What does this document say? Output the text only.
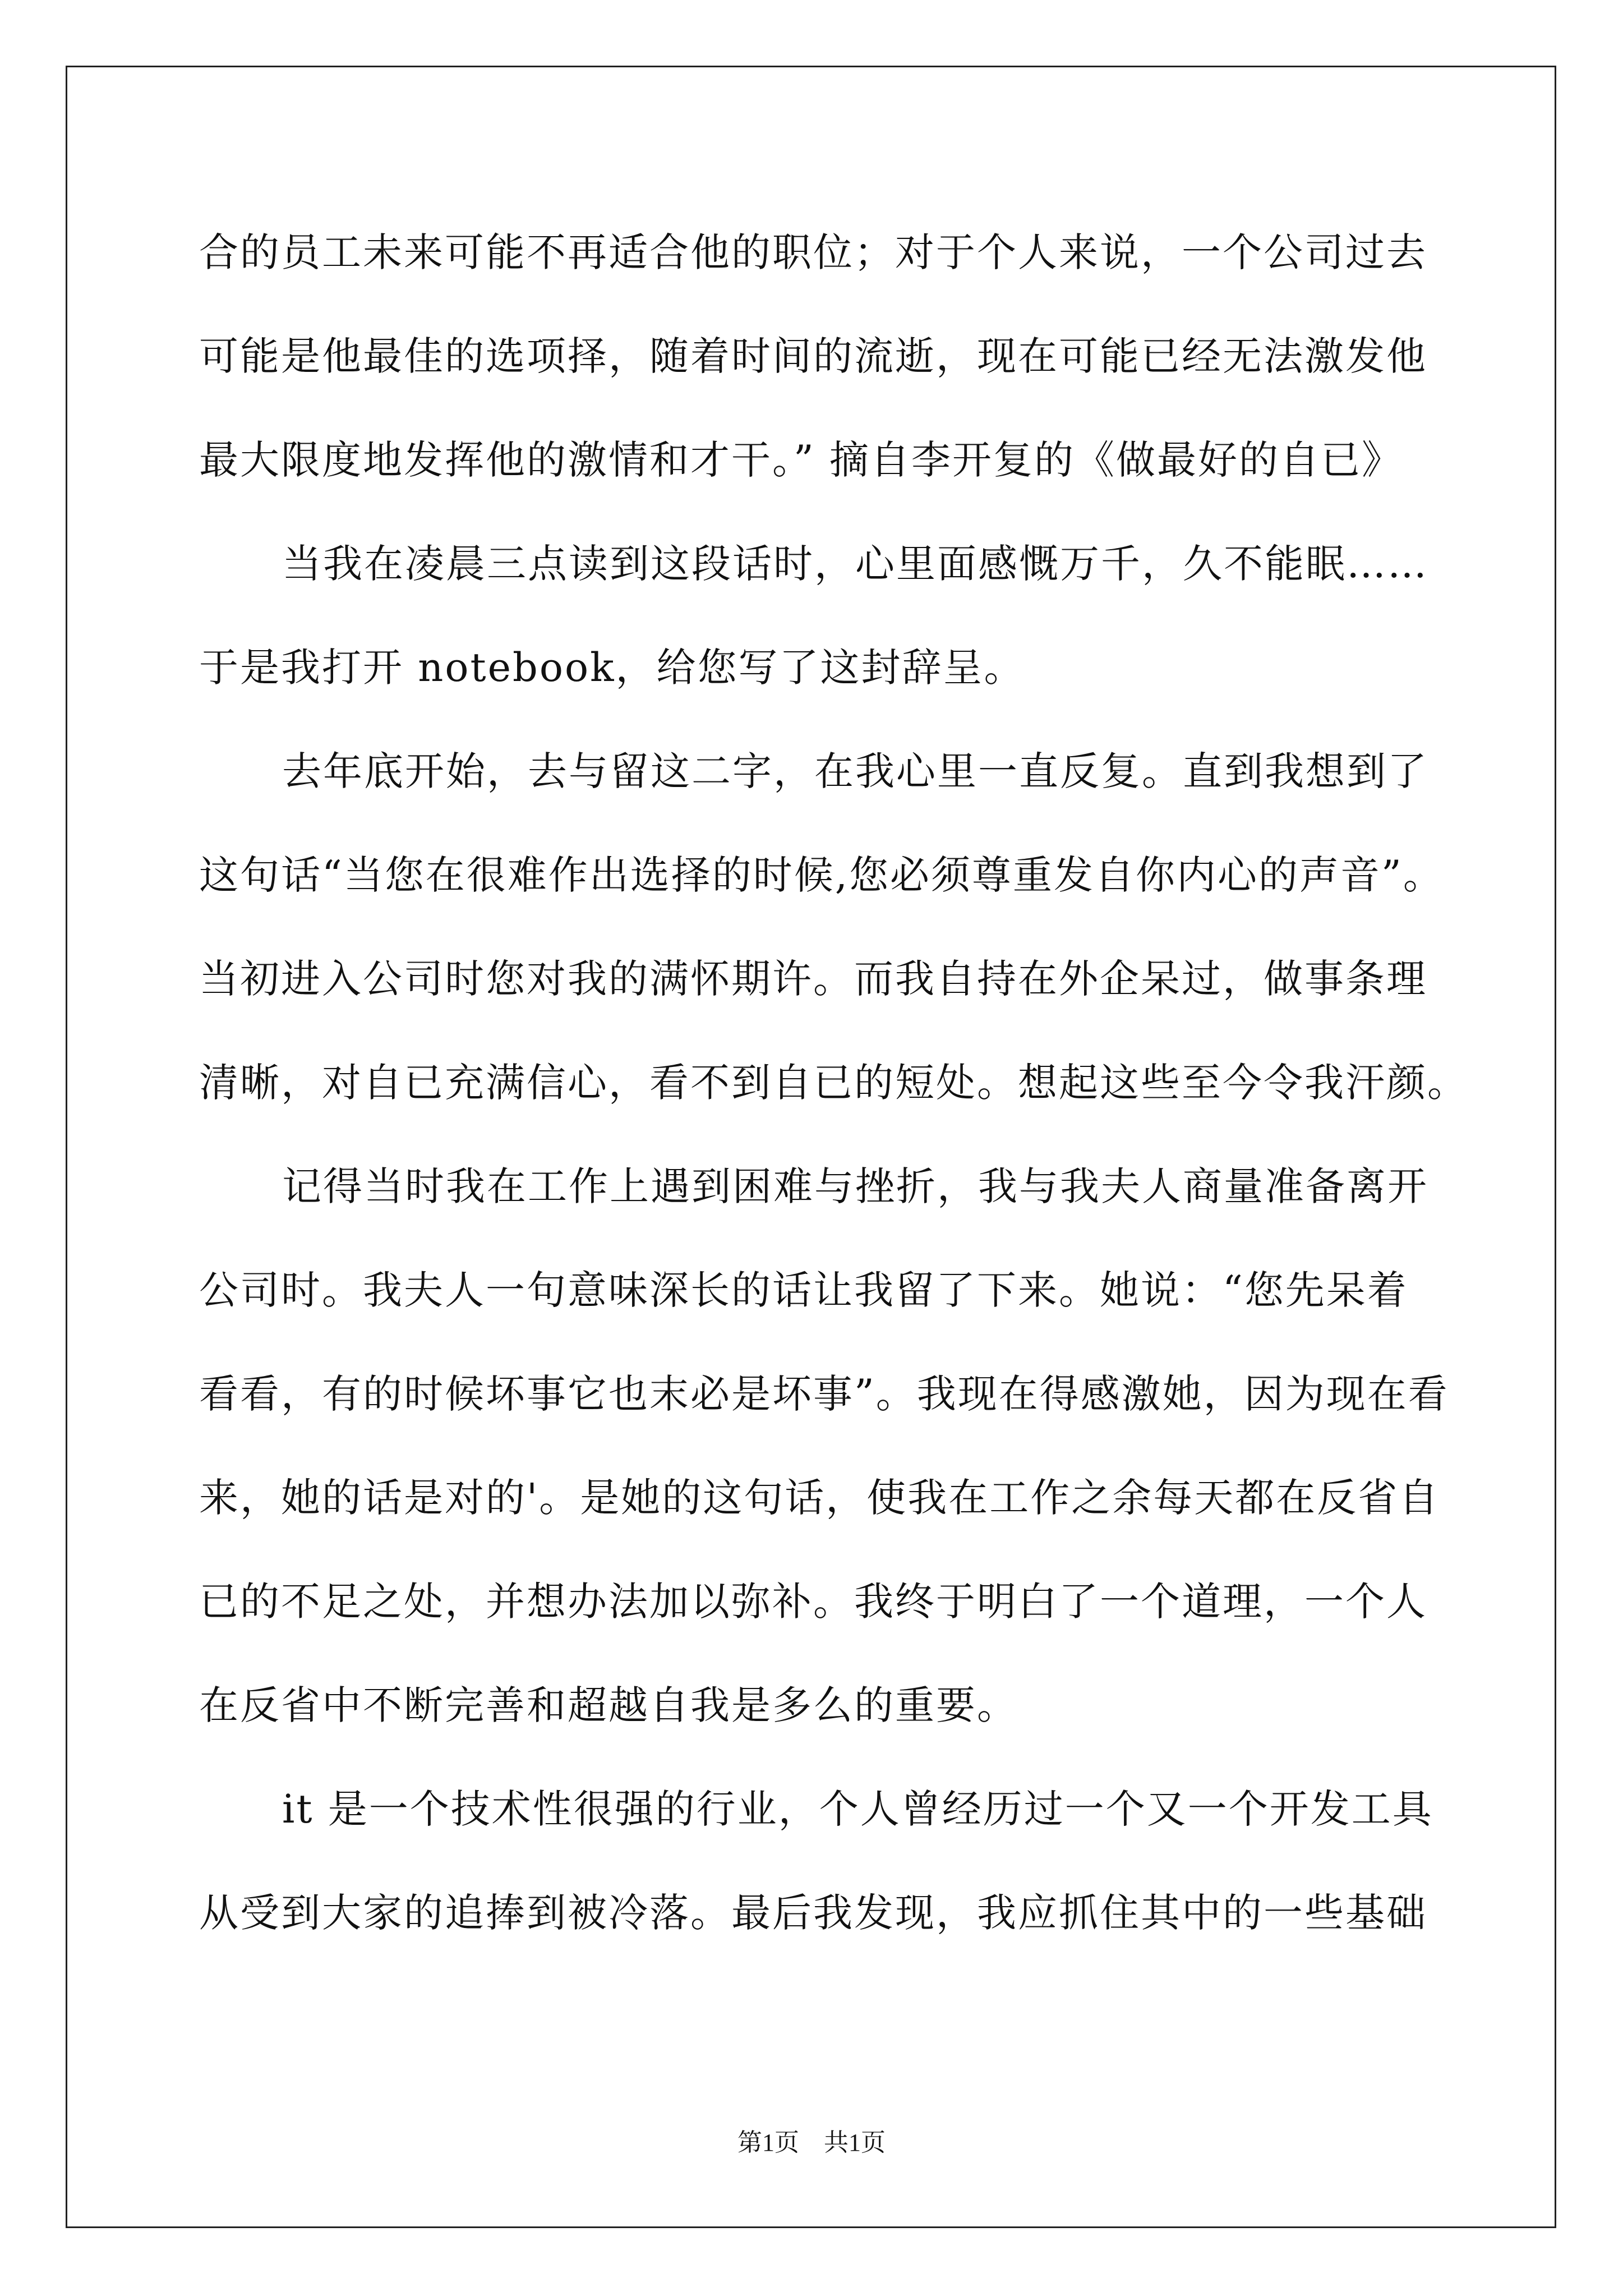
合的员工未来可能不再适合他的职位；对于个人来说，一个公司过去
可能是他最佳的选项择，随着时间的流逝，现在可能已经无法激发他
最大限度地发挥他的激情和才干。” 摘自李开复的《做最好的自已》
当我在凌晨三点读到这段话时，心里面感慨万千，久不能眠……
于是我打开 notebook，给您写了这封辞呈。
去年底开始，去与留这二字，在我心里一直反复。直到我想到了
这句话“当您在很难作出选择的时候,您必须尊重发自你内心的声音”。
当初进入公司时您对我的满怀期许。而我自持在外企呆过，做事条理
清晰，对自已充满信心，看不到自已的短处。想起这些至今令我汗颜。
记得当时我在工作上遇到困难与挫折，我与我夫人商量准备离开
公司时。我夫人一句意味深长的话让我留了下来。她说：“您先呆着
看看，有的时候坏事它也末必是坏事”。我现在得感激她，因为现在看
来，她的话是对的'。是她的这句话，使我在工作之余每天都在反省自
已的不足之处，并想办法加以弥补。我终于明白了一个道理，一个人
在反省中不断完善和超越自我是多么的重要。
it 是一个技术性很强的行业，个人曾经历过一个又一个开发工具
从受到大家的追捧到被冷落。最后我发现，我应抓住其中的一些基础
第1页　共1页
